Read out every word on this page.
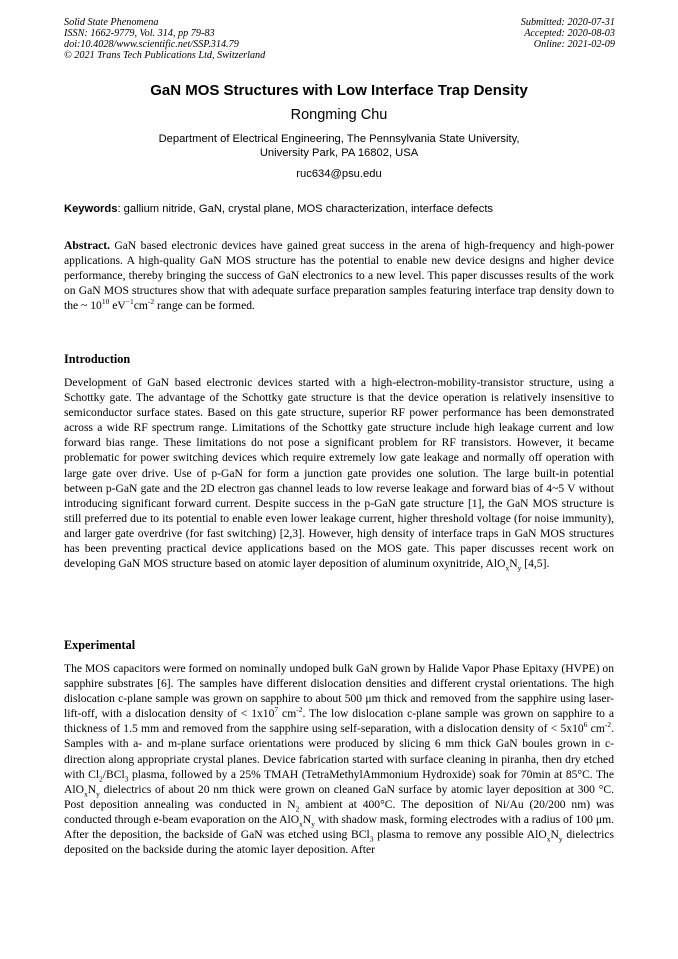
Solid State Phenomena
ISSN: 1662-9779, Vol. 314, pp 79-83
doi:10.4028/www.scientific.net/SSP.314.79
© 2021 Trans Tech Publications Ltd, Switzerland
Submitted: 2020-07-31
Accepted: 2020-08-03
Online: 2021-02-09
GaN MOS Structures with Low Interface Trap Density
Rongming Chu
Department of Electrical Engineering, The Pennsylvania State University,
University Park, PA 16802, USA
ruc634@psu.edu
Keywords: gallium nitride, GaN, crystal plane, MOS characterization, interface defects
Abstract. GaN based electronic devices have gained great success in the arena of high-frequency and high-power applications. A high-quality GaN MOS structure has the potential to enable new device designs and higher device performance, thereby bringing the success of GaN electronics to a new level. This paper discusses results of the work on GaN MOS structures show that with adequate surface preparation samples featuring interface trap density down to the ~ $10^{10}$ $eV^{-1}cm^{-2}$ range can be formed.
Introduction
Development of GaN based electronic devices started with a high-electron-mobility-transistor structure, using a Schottky gate. The advantage of the Schottky gate structure is that the device operation is relatively insensitive to semiconductor surface states. Based on this gate structure, superior RF power performance has been demonstrated across a wide RF spectrum range. Limitations of the Schottky gate structure include high leakage current and low forward bias range. These limitations do not pose a significant problem for RF transistors. However, it became problematic for power switching devices which require extremely low gate leakage and normally off operation with large gate over drive. Use of p-GaN for form a junction gate provides one solution. The large built-in potential between p-GaN gate and the 2D electron gas channel leads to low reverse leakage and forward bias of 4~5 V without introducing significant forward current. Despite success in the p-GaN gate structure [1], the GaN MOS structure is still preferred due to its potential to enable even lower leakage current, higher threshold voltage (for noise immunity), and larger gate overdrive (for fast switching) [2,3]. However, high density of interface traps in GaN MOS structures has been preventing practical device applications based on the MOS gate. This paper discusses recent work on developing GaN MOS structure based on atomic layer deposition of aluminum oxynitride, $AlO_xN_y$ [4,5].
Experimental
The MOS capacitors were formed on nominally undoped bulk GaN grown by Halide Vapor Phase Epitaxy (HVPE) on sapphire substrates [6]. The samples have different dislocation densities and different crystal orientations. The high dislocation c-plane sample was grown on sapphire to about 500 μm thick and removed from the sapphire using laser-lift-off, with a dislocation density of < $1x10^7$ $cm^{-2}$. The low dislocation c-plane sample was grown on sapphire to a thickness of 1.5 mm and removed from the sapphire using self-separation, with a dislocation density of < $5x10^6$ $cm^{-2}$. Samples with a- and m-plane surface orientations were produced by slicing 6 mm thick GaN boules grown in c-direction along appropriate crystal planes. Device fabrication started with surface cleaning in piranha, then dry etched with $Cl_2/BCl_3$ plasma, followed by a 25% TMAH (TetraMethylAmmonium Hydroxide) soak for 70min at 85°C. The $AlO_xN_y$ dielectrics of about 20 nm thick were grown on cleaned GaN surface by atomic layer deposition at 300 °C. Post deposition annealing was conducted in $N_2$ ambient at 400°C. The deposition of Ni/Au (20/200 nm) was conducted through e-beam evaporation on the $AlO_xN_y$ with shadow mask, forming electrodes with a radius of 100 μm. After the deposition, the backside of GaN was etched using BCl$_3$ plasma to remove any possible $AlO_xN_y$ dielectrics deposited on the backside during the atomic layer deposition. After
